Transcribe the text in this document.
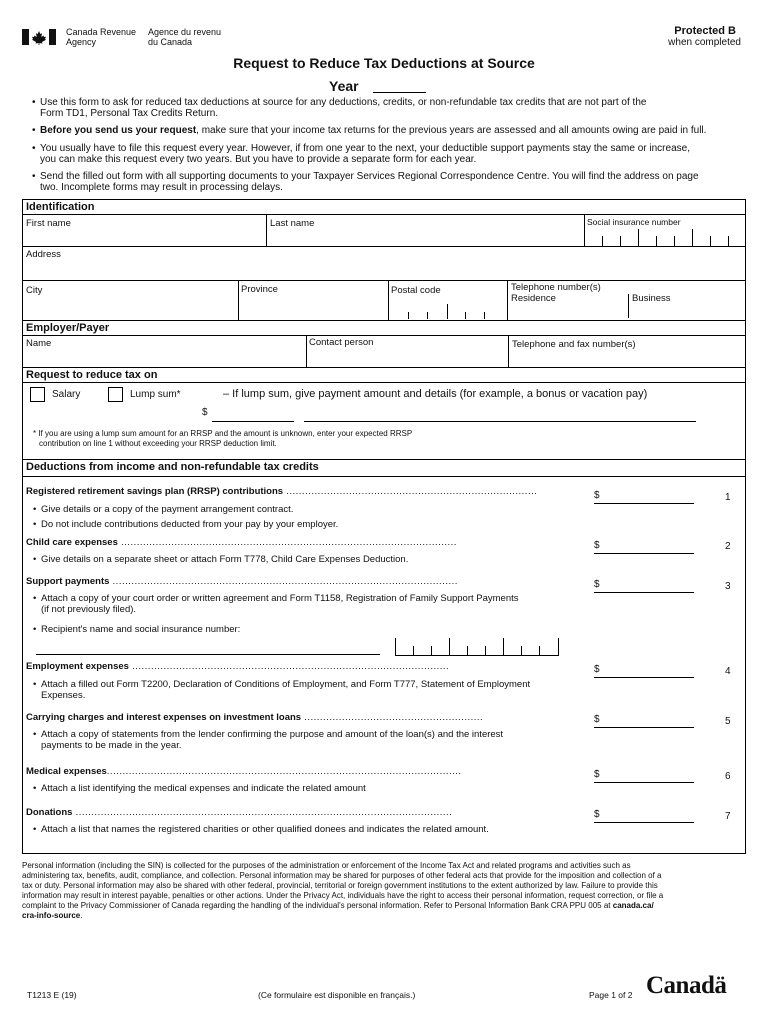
Canada Revenue
Agency
Agence du revenu
du Canada
Protected B
when completed
Request to Reduce Tax Deductions at Source
Year
• Use this form to ask for reduced tax deductions at source for any deductions, credits, or non-refundable tax credits that are not part of the
Form TD1, Personal Tax Credits Return.
• Before you send us your request, make sure that your income tax returns for the previous years are assessed and all amounts owing are paid in full.
• You usually have to file this request every year. However, if from one year to the next, your deductible support payments stay the same or increase,
you can make this request every two years. But you have to provide a separate form for each year.
• Send the filled out form with all supporting documents to your Taxpayer Services Regional Correspondence Centre. You will find the address on page
two. Incomplete forms may result in processing delays.
Identification
First name	Last name	Social insurance number
Address
City	Province	Postal code	Telephone number(s)
Residence	Business
Employer/Payer
Name	Contact person	Telephone and fax number(s)
Request to reduce tax on
Salary	Lump sum*	– If lump sum, give payment amount and details (for example, a bonus or vacation pay)
$
* If you are using a lump sum amount for an RRSP and the amount is unknown, enter your expected RRSP
contribution on line 1 without exceeding your RRSP deduction limit.
Deductions from income and non-refundable tax credits
Registered retirement savings plan (RRSP) contributions ................................................................................	$	1
• Give details or a copy of the payment arrangement contract.
• Do not include contributions deducted from your pay by your employer.
Child care expenses ...........................................................................................................	$	2
• Give details on a separate sheet or attach Form T778, Child Care Expenses Deduction.
Support payments ..............................................................................................................	$	3
• Attach a copy of your court order or written agreement and Form T1158, Registration of Family Support Payments
(if not previously filed).
• Recipient's name and social insurance number:
Employment expenses .....................................................................................................	$	4
• Attach a filled out Form T2200, Declaration of Conditions of Employment, and Form T777, Statement of Employment
Expenses.
Carrying charges and interest expenses on investment loans .........................................................	$	5
• Attach a copy of statements from the lender confirming the purpose and amount of the loan(s) and the interest
payments to be made in the year.
Medical expenses.................................................................................................................	$	6
• Attach a list identifying the medical expenses and indicate the related amount
Donations ........................................................................................................................	$	7
• Attach a list that names the registered charities or other qualified donees and indicates the related amount.
Personal information (including the SIN) is collected for the purposes of the administration or enforcement of the Income Tax Act and related programs and activities such as
administering tax, benefits, audit, compliance, and collection. Personal information may be shared for purposes of other federal acts that provide for the imposition and collection of a
tax or duty. Personal information may also be shared with other federal, provincial, territorial or foreign government institutions to the extent authorized by law. Failure to provide this
information may result in interest payable, penalties or other actions. Under the Privacy Act, individuals have the right to access their personal information, request correction, or file a
complaint to the Privacy Commissioner of Canada regarding the handling of the individual's personal information. Refer to Personal Information Bank CRA PPU 005 at canada.ca/
cra-info-source.
T1213 E (19)	(Ce formulaire est disponible en français.)	Page 1 of 2 Canadä
